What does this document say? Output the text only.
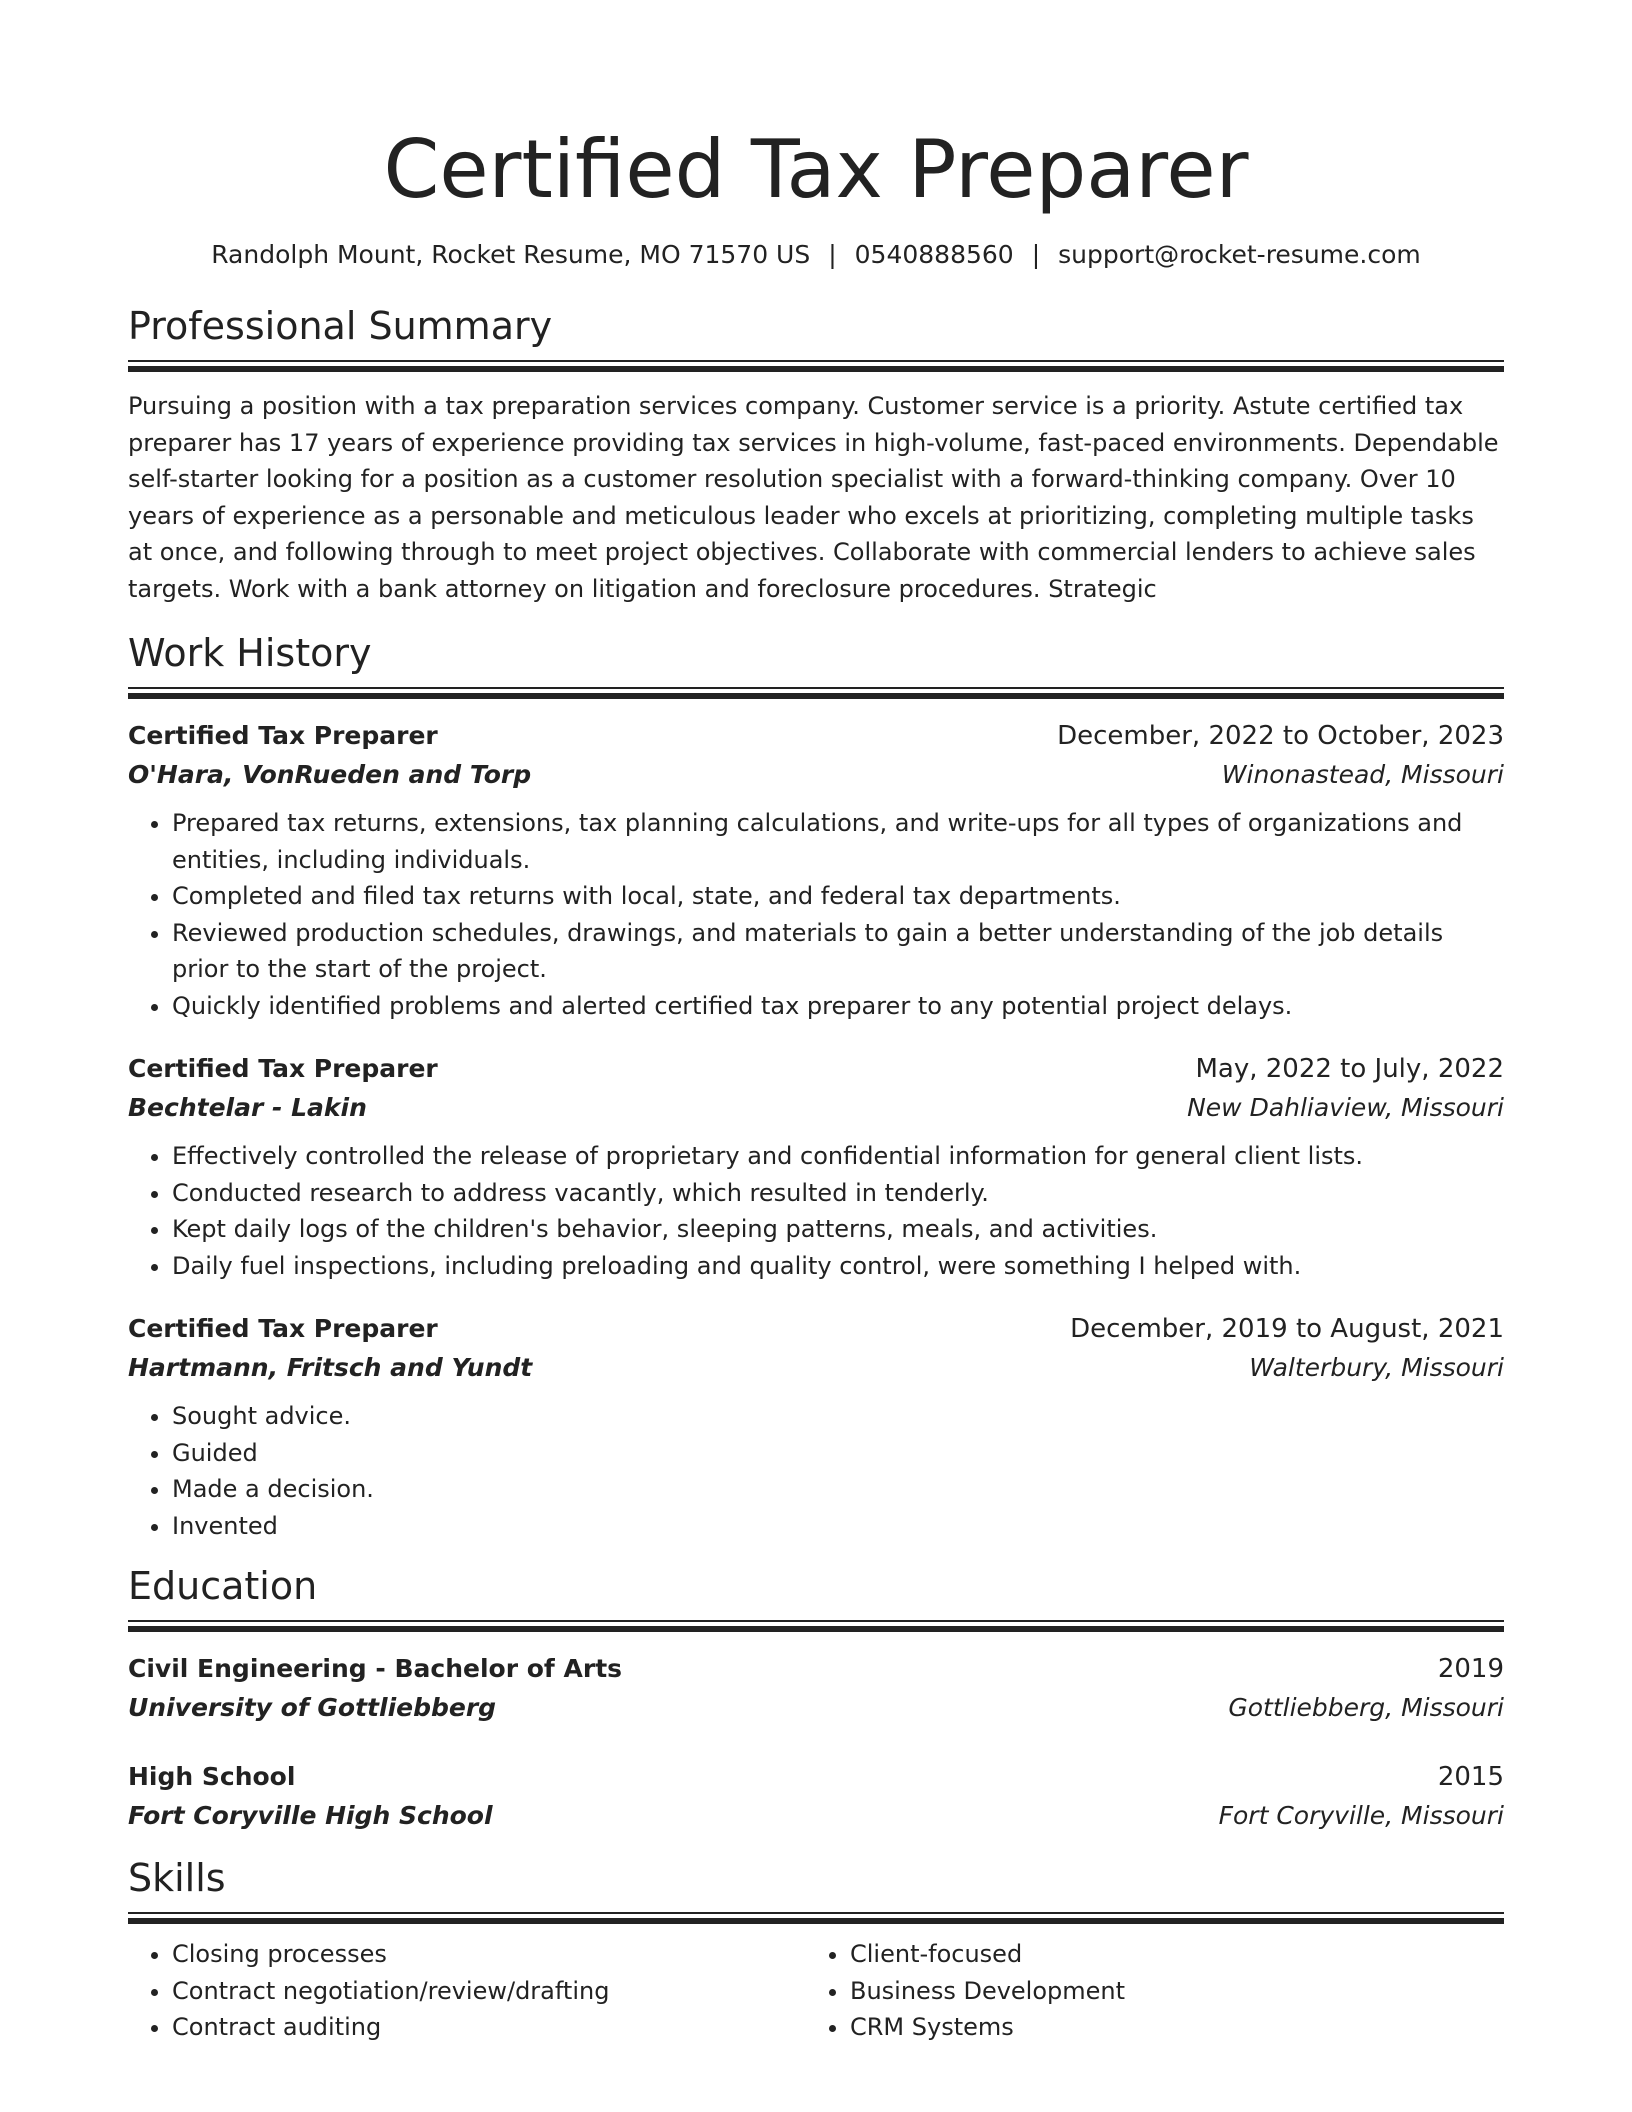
Certified Tax Preparer
Randolph Mount, Rocket Resume, MO 71570 US | 0540888560 | support@rocket-resume.com
Professional Summary
Pursuing a position with a tax preparation services company. Customer service is a priority. Astute certified tax preparer has 17 years of experience providing tax services in high-volume, fast-paced environments. Dependable self-starter looking for a position as a customer resolution specialist with a forward-thinking company. Over 10 years of experience as a personable and meticulous leader who excels at prioritizing, completing multiple tasks at once, and following through to meet project objectives. Collaborate with commercial lenders to achieve sales targets. Work with a bank attorney on litigation and foreclosure procedures. Strategic
Work History
Certified Tax Preparer	December, 2022 to October, 2023
O'Hara, VonRueden and Torp	Winonastead, Missouri
• Prepared tax returns, extensions, tax planning calculations, and write-ups for all types of organizations and entities, including individuals.
• Completed and filed tax returns with local, state, and federal tax departments.
• Reviewed production schedules, drawings, and materials to gain a better understanding of the job details prior to the start of the project.
• Quickly identified problems and alerted certified tax preparer to any potential project delays.
Certified Tax Preparer	May, 2022 to July, 2022
Bechtelar - Lakin	New Dahliaview, Missouri
• Effectively controlled the release of proprietary and confidential information for general client lists.
• Conducted research to address vacantly, which resulted in tenderly.
• Kept daily logs of the children's behavior, sleeping patterns, meals, and activities.
• Daily fuel inspections, including preloading and quality control, were something I helped with.
Certified Tax Preparer	December, 2019 to August, 2021
Hartmann, Fritsch and Yundt	Walterbury, Missouri
• Sought advice.
• Guided
• Made a decision.
• Invented
Education
Civil Engineering - Bachelor of Arts	2019
University of Gottliebberg	Gottliebberg, Missouri
High School	2015
Fort Coryville High School	Fort Coryville, Missouri
Skills
• Closing processes
• Contract negotiation/review/drafting
• Contract auditing
• Client-focused
• Business Development
• CRM Systems
